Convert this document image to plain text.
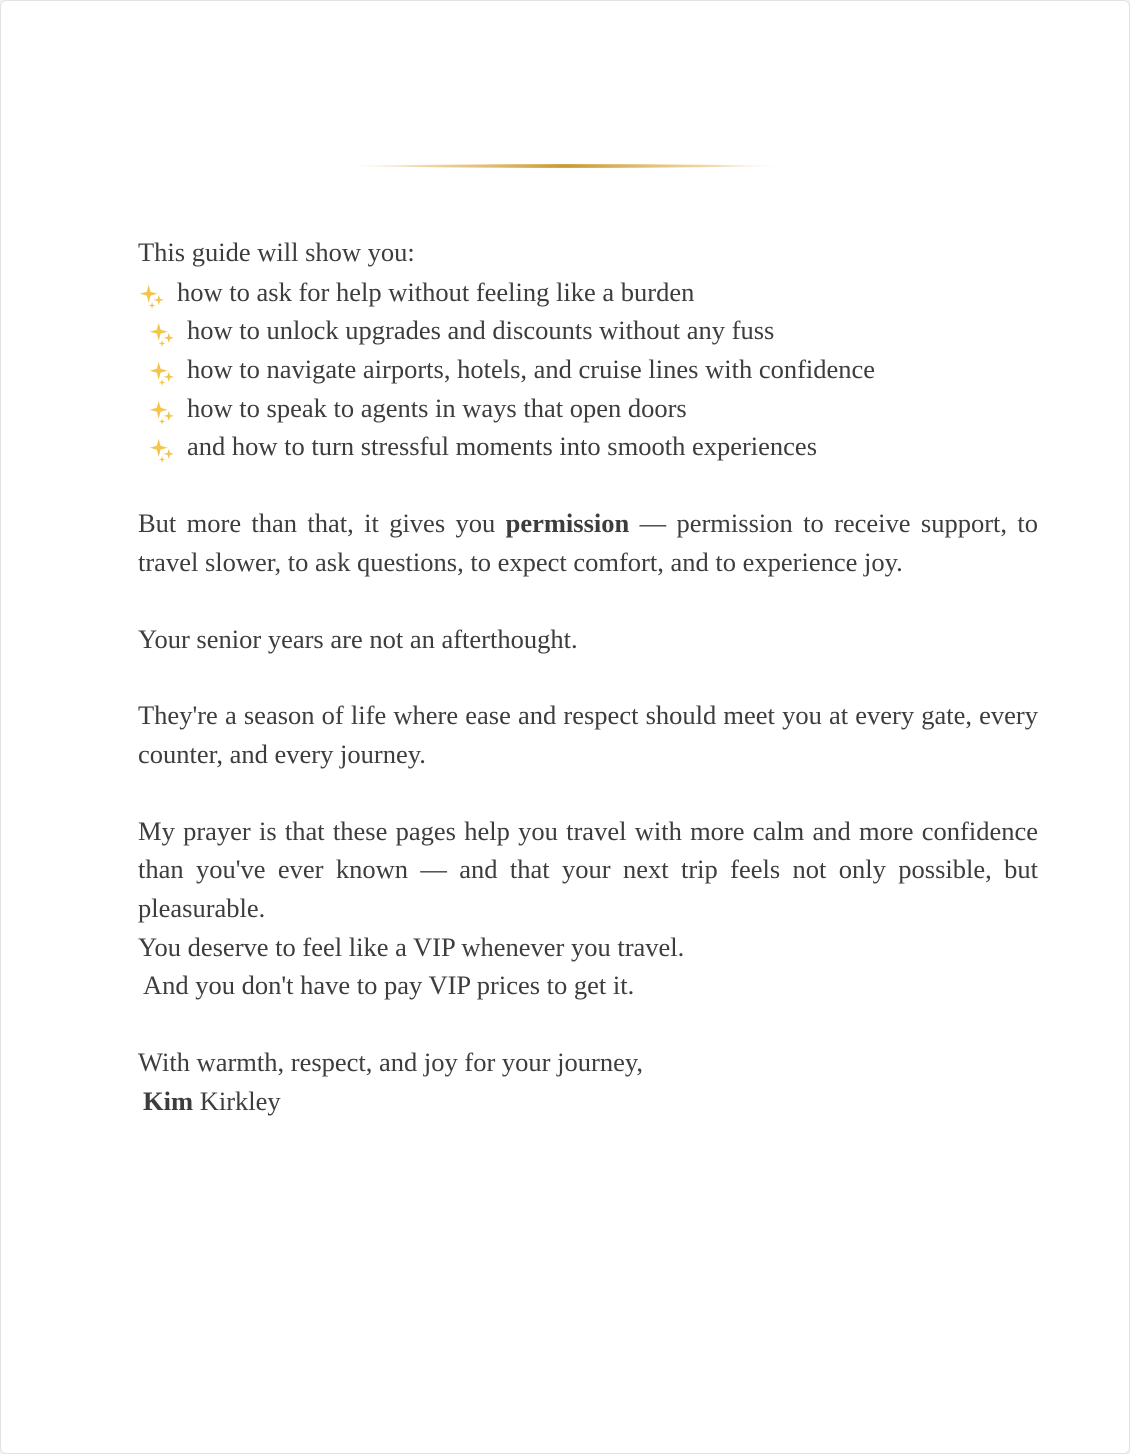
This guide will show you:
how to ask for help without feeling like a burden
how to unlock upgrades and discounts without any fuss
how to navigate airports, hotels, and cruise lines with confidence
how to speak to agents in ways that open doors
and how to turn stressful moments into smooth experiences

But more than that, it gives you permission — permission to receive support, to travel slower, to ask questions, to expect comfort, and to experience joy.

Your senior years are not an afterthought.

They're a season of life where ease and respect should meet you at every gate, every counter, and every journey.

My prayer is that these pages help you travel with more calm and more confidence than you've ever known — and that your next trip feels not only possible, but pleasurable.

You deserve to feel like a VIP whenever you travel.

And you don't have to pay VIP prices to get it.

With warmth, respect, and joy for your journey,

Kim Kirkley
